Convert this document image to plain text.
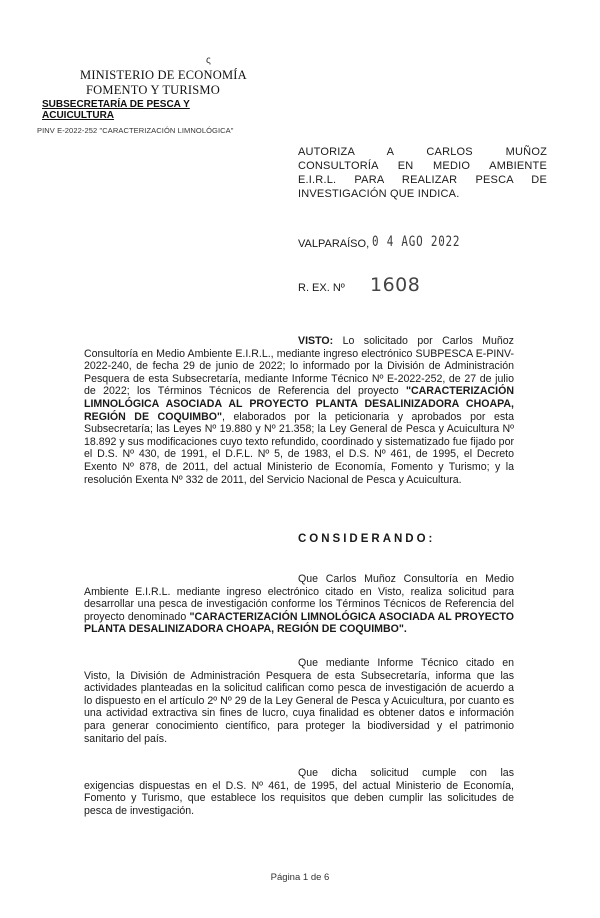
ς
MINISTERIO DE ECONOMÍA
FOMENTO Y TURISMO
SUBSECRETARÍA DE PESCA Y
ACUICULTURA
PINV E-2022-252 "CARACTERIZACIÓN LIMNOLÓGICA"
AUTORIZA A CARLOS MUÑOZ
CONSULTORÍA EN MEDIO AMBIENTE
E.I.R.L. PARA REALIZAR PESCA DE
INVESTIGACIÓN QUE INDICA.
VALPARAÍSO, 0 4 AGO 2022
R. EX. Nº 1608
VISTO: Lo solicitado por Carlos Muñoz Consultoría en Medio Ambiente E.I.R.L., mediante ingreso electrónico SUBPESCA E-PINV-2022-240, de fecha 29 de junio de 2022; lo informado por la División de Administración Pesquera de esta Subsecretaría, mediante Informe Técnico Nº E-2022-252, de 27 de julio de 2022; los Términos Técnicos de Referencia del proyecto "CARACTERIZACIÓN LIMNOLÓGICA ASOCIADA AL PROYECTO PLANTA DESALINIZADORA CHOAPA, REGIÓN DE COQUIMBO", elaborados por la peticionaria y aprobados por esta Subsecretaría; las Leyes Nº 19.880 y Nº 21.358; la Ley General de Pesca y Acuicultura Nº 18.892 y sus modificaciones cuyo texto refundido, coordinado y sistematizado fue fijado por el D.S. Nº 430, de 1991, el D.F.L. Nº 5, de 1983, el D.S. Nº 461, de 1995, el Decreto Exento Nº 878, de 2011, del actual Ministerio de Economía, Fomento y Turismo; y la resolución Exenta Nº 332 de 2011, del Servicio Nacional de Pesca y Acuicultura.
CONSIDERANDO:
Que Carlos Muñoz Consultoría en Medio Ambiente E.I.R.L. mediante ingreso electrónico citado en Visto, realiza solicitud para desarrollar una pesca de investigación conforme los Términos Técnicos de Referencia del proyecto denominado "CARACTERIZACIÓN LIMNOLÓGICA ASOCIADA AL PROYECTO PLANTA DESALINIZADORA CHOAPA, REGIÓN DE COQUIMBO".
Que mediante Informe Técnico citado en Visto, la División de Administración Pesquera de esta Subsecretaría, informa que las actividades planteadas en la solicitud califican como pesca de investigación de acuerdo a lo dispuesto en el artículo 2º Nº 29 de la Ley General de Pesca y Acuicultura, por cuanto es una actividad extractiva sin fines de lucro, cuya finalidad es obtener datos e información para generar conocimiento científico, para proteger la biodiversidad y el patrimonio sanitario del país.
Que dicha solicitud cumple con las exigencias dispuestas en el D.S. Nº 461, de 1995, del actual Ministerio de Economía, Fomento y Turismo, que establece los requisitos que deben cumplir las solicitudes de pesca de investigación.
Página 1 de 6
